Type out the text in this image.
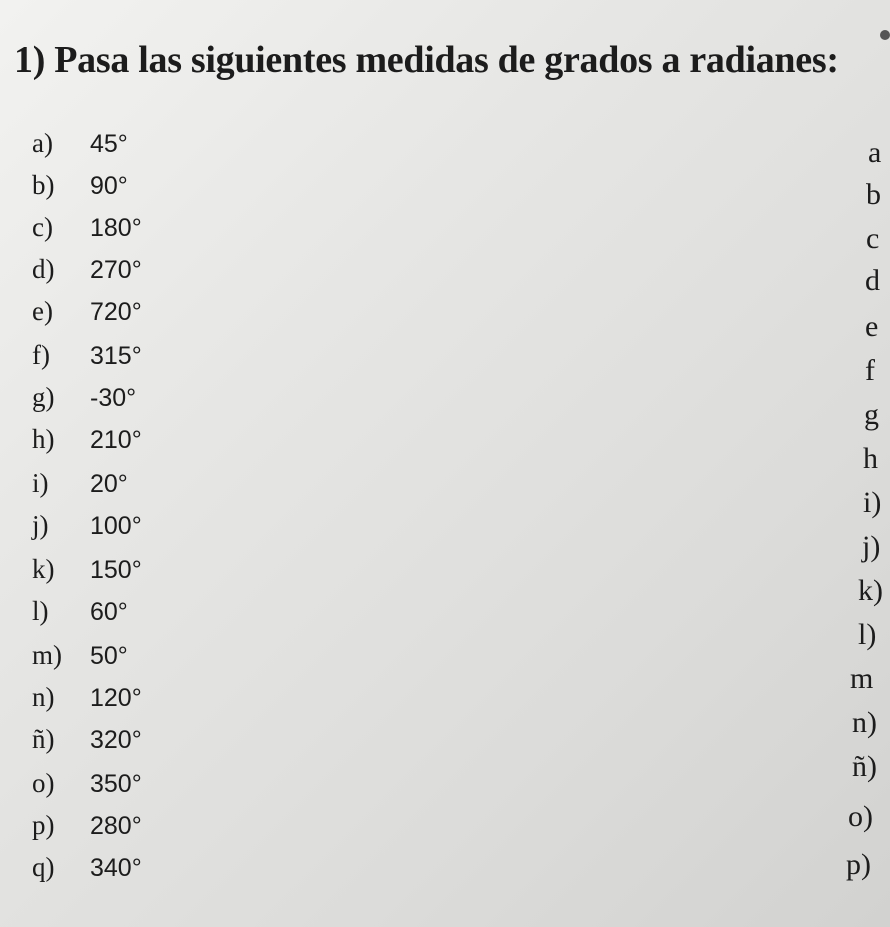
1) Pasa las siguientes medidas de grados a radianes:
a) 45°
b) 90°
c) 180°
d) 270°
e) 720°
f) 315°
g) -30°
h) 210°
i) 20°
j) 100°
k) 150°
l) 60°
m) 50°
n) 120°
ñ) 320°
o) 350°
p) 280°
q) 340°
a
b
c
d
e
f
g
h
i)
j)
k)
l)
m
n)
ñ)
o)
p)
